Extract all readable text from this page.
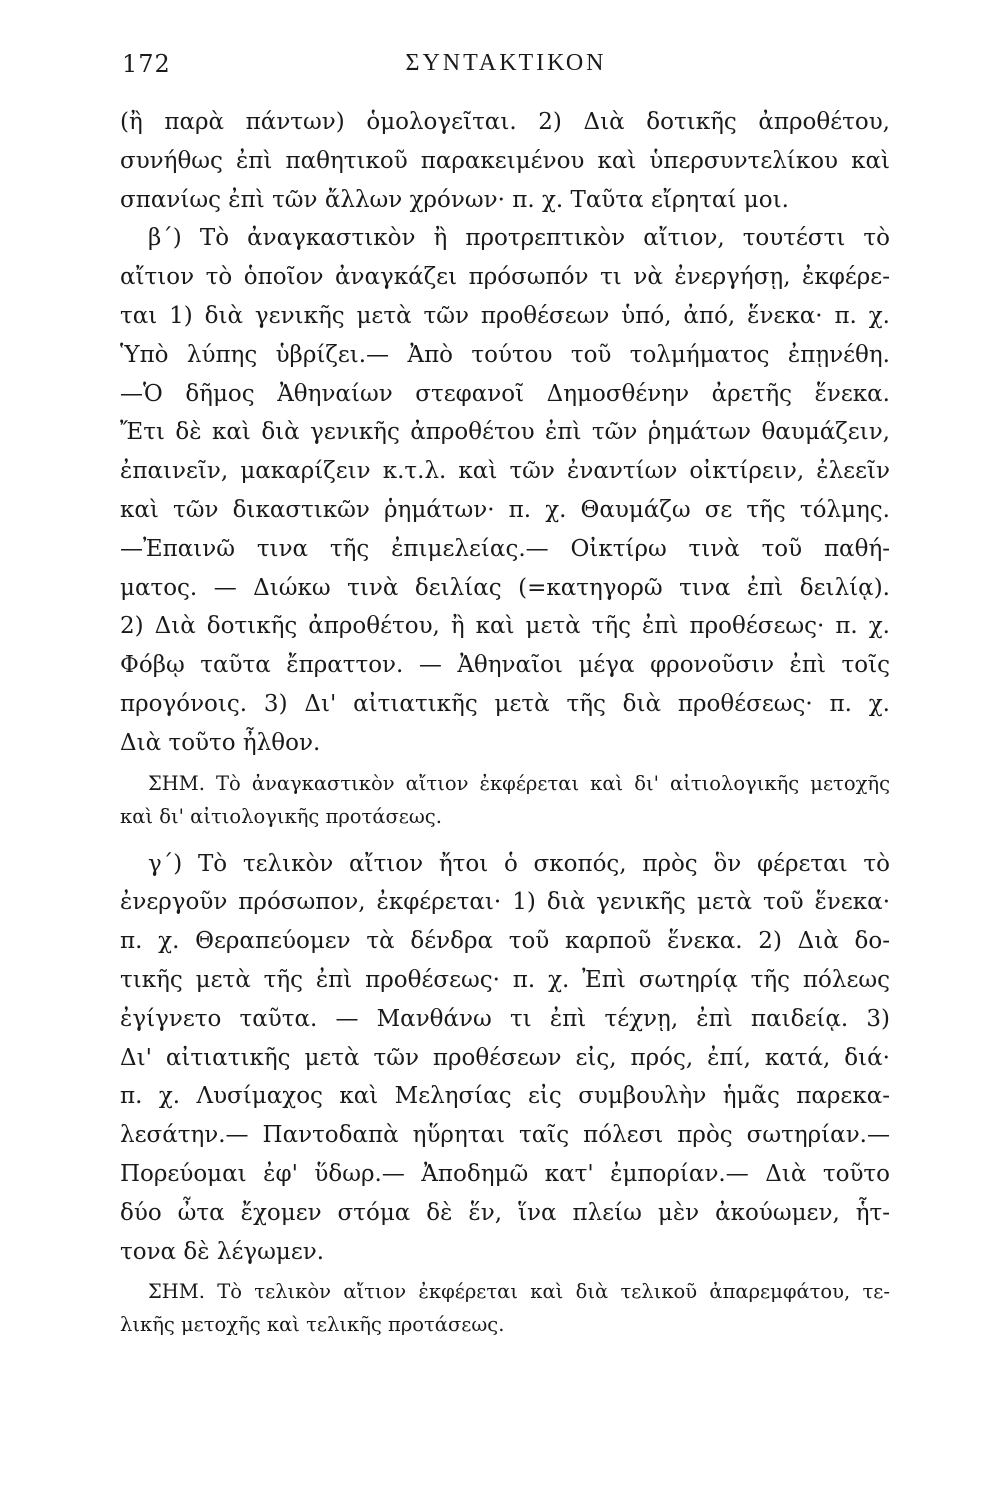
172	ΣΥΝΤΑΚΤΙΚΟΝ
(ἢ παρὰ πάντων) ὁμολογεῖται. 2) Διὰ δοτικῆς ἀπροθέτου,
συνήθως ἐπὶ παθητικοῦ παρακειμένου καὶ ὑπερσυντελίκου καὶ
σπανίως ἐπὶ τῶν ἄλλων χρόνων· π. χ. Ταῦτα εἴρηταί μοι.
β΄) Τὸ ἀναγκαστικὸν ἢ προτρεπτικὸν αἴτιον, τουτέστι τὸ
αἴτιον τὸ ὁποῖον ἀναγκάζει πρόσωπόν τι νὰ ἐνεργήσῃ, ἐκφέρε-
ται 1) διὰ γενικῆς μετὰ τῶν προθέσεων ὑπό, ἀπό, ἕνεκα· π. χ.
Ὑπὸ λύπης ὑβρίζει.— Ἀπὸ τούτου τοῦ τολμήματος ἐπῃνέθη.
—Ὁ δῆμος Ἀθηναίων στεφανοῖ Δημοσθένην ἀρετῆς ἕνεκα.
Ἔτι δὲ καὶ διὰ γενικῆς ἀπροθέτου ἐπὶ τῶν ῥημάτων θαυμάζειν,
ἐπαινεῖν, μακαρίζειν κ.τ.λ. καὶ τῶν ἐναντίων οἰκτίρειν, ἐλεεῖν
καὶ τῶν δικαστικῶν ῥημάτων· π. χ. Θαυμάζω σε τῆς τόλμης.
—Ἐπαινῶ τινα τῆς ἐπιμελείας.— Οἰκτίρω τινὰ τοῦ παθή-
ματος. — Διώκω τινὰ δειλίας (=κατηγορῶ τινα ἐπὶ δειλίᾳ).
2) Διὰ δοτικῆς ἀπροθέτου, ἢ καὶ μετὰ τῆς ἐπὶ προθέσεως· π. χ.
Φόβῳ ταῦτα ἔπραττον. — Ἀθηναῖοι μέγα φρονοῦσιν ἐπὶ τοῖς
προγόνοις. 3) Δι' αἰτιατικῆς μετὰ τῆς διὰ προθέσεως· π. χ.
Διὰ τοῦτο ἦλθον.
ΣΗΜ. Τὸ ἀναγκαστικὸν αἴτιον ἐκφέρεται καὶ δι' αἰτιολογικῆς μετοχῆς
καὶ δι' αἰτιολογικῆς προτάσεως.
γ΄) Τὸ τελικὸν αἴτιον ἤτοι ὁ σκοπός, πρὸς ὃν φέρεται τὸ
ἐνεργοῦν πρόσωπον, ἐκφέρεται· 1) διὰ γενικῆς μετὰ τοῦ ἕνεκα·
π. χ. Θεραπεύομεν τὰ δένδρα τοῦ καρποῦ ἕνεκα. 2) Διὰ δο-
τικῆς μετὰ τῆς ἐπὶ προθέσεως· π. χ. Ἐπὶ σωτηρίᾳ τῆς πόλεως
ἐγίγνετο ταῦτα. — Μανθάνω τι ἐπὶ τέχνῃ, ἐπὶ παιδείᾳ. 3)
Δι' αἰτιατικῆς μετὰ τῶν προθέσεων εἰς, πρός, ἐπί, κατά, διά·
π. χ. Λυσίμαχος καὶ Μελησίας εἰς συμβουλὴν ἡμᾶς παρεκα-
λεσάτην.— Παντοδαπὰ ηὕρηται ταῖς πόλεσι πρὸς σωτηρίαν.—
Πορεύομαι ἐφ' ὕδωρ.— Ἀποδημῶ κατ' ἐμπορίαν.— Διὰ τοῦτο
δύο ὦτα ἔχομεν στόμα δὲ ἕν, ἵνα πλείω μὲν ἀκούωμεν, ἧτ-
τονα δὲ λέγωμεν.
ΣΗΜ. Τὸ τελικὸν αἴτιον ἐκφέρεται καὶ διὰ τελικοῦ ἀπαρεμφάτου, τε-
λικῆς μετοχῆς καὶ τελικῆς προτάσεως.
